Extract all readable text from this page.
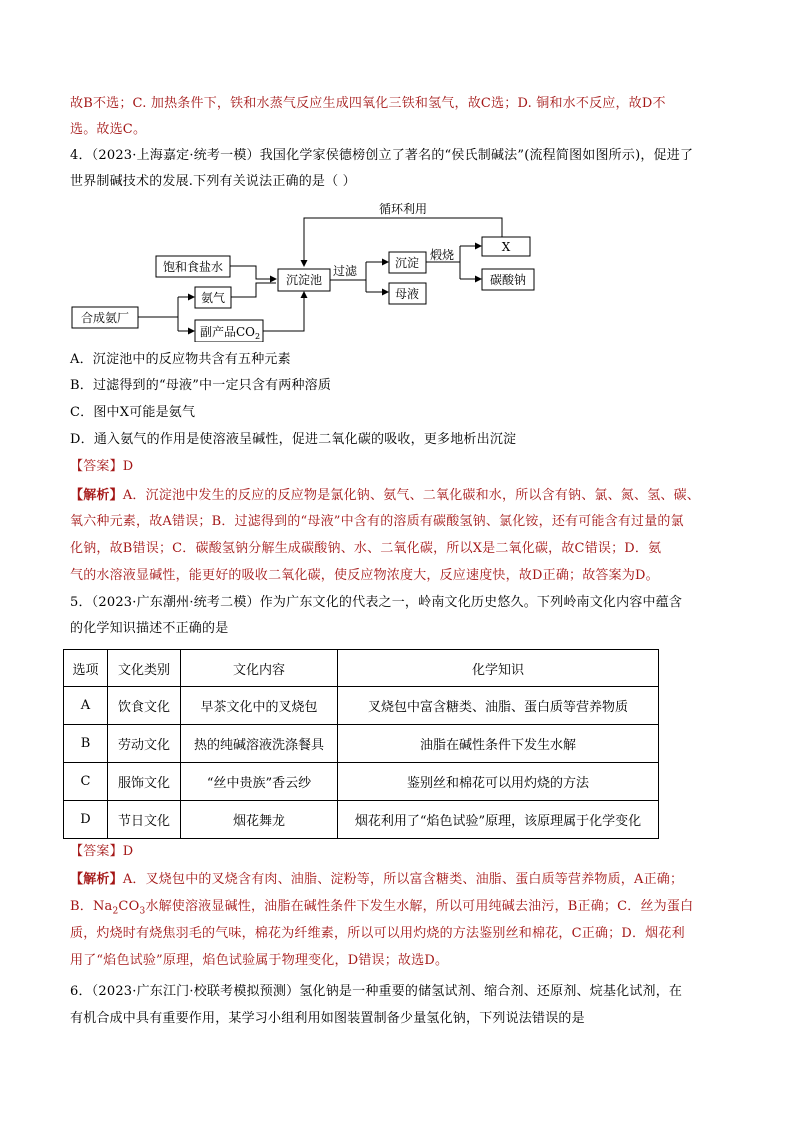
故B不选；C. 加热条件下，铁和水蒸气反应生成四氧化三铁和氢气，故C选；D. 铜和水不反应，故D不
选。故选C。
4．（2023·上海嘉定·统考一模）我国化学家侯德榜创立了著名的“侯氏制碱法”(流程简图如图所示)，促进了
世界制碱技术的发展.下列有关说法正确的是（ ）
循环利用
饱和食盐水
合成氨厂
氨气
副产品$CO_2$
沉淀池
过滤
沉淀
母液
煅烧
X
碳酸钠
A．沉淀池中的反应物共含有五种元素
B．过滤得到的“母液”中一定只含有两种溶质
C．图中X可能是氨气
D．通入氨气的作用是使溶液呈碱性，促进二氧化碳的吸收，更多地析出沉淀
【答案】D
【解析】A．沉淀池中发生的反应的反应物是氯化钠、氨气、二氧化碳和水，所以含有钠、氯、氮、氢、碳、
氧六种元素，故A错误；B．过滤得到的“母液”中含有的溶质有碳酸氢钠、氯化铵，还有可能含有过量的氯
化钠，故B错误；C．碳酸氢钠分解生成碳酸钠、水、二氧化碳，所以X是二氧化碳，故C错误；D．氨
气的水溶液显碱性，能更好的吸收二氧化碳，使反应物浓度大，反应速度快，故D正确；故答案为D。
5．（2023·广东潮州·统考二模）作为广东文化的代表之一，岭南文化历史悠久。下列岭南文化内容中蕴含
的化学知识描述不正确的是
选项	文化类别	文化内容	化学知识
A	饮食文化	早茶文化中的叉烧包	叉烧包中富含糖类、油脂、蛋白质等营养物质
B	劳动文化	热的纯碱溶液洗涤餐具	油脂在碱性条件下发生水解
C	服饰文化	“丝中贵族”香云纱	鉴别丝和棉花可以用灼烧的方法
D	节日文化	烟花舞龙	烟花利用了“焰色试验”原理，该原理属于化学变化
【答案】D
【解析】A．叉烧包中的叉烧含有肉、油脂、淀粉等，所以富含糖类、油脂、蛋白质等营养物质，A正确；
B．$Na_2CO_3$水解使溶液显碱性，油脂在碱性条件下发生水解，所以可用纯碱去油污，B正确；C．丝为蛋白
质，灼烧时有烧焦羽毛的气味，棉花为纤维素，所以可以用灼烧的方法鉴别丝和棉花，C正确；D．烟花利
用了“焰色试验”原理，焰色试验属于物理变化，D错误；故选D。
6．（2023·广东江门·校联考模拟预测）氢化钠是一种重要的储氢试剂、缩合剂、还原剂、烷基化试剂，在
有机合成中具有重要作用，某学习小组利用如图装置制备少量氢化钠，下列说法错误的是
